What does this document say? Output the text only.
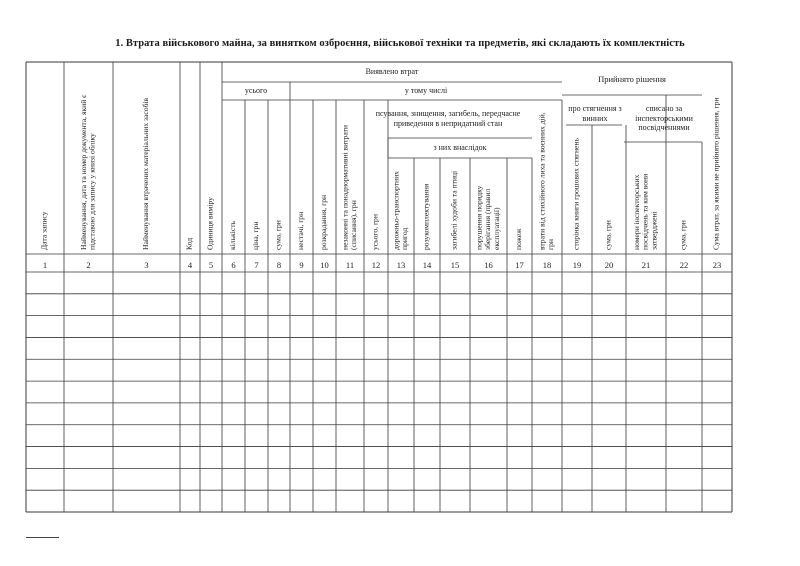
1. Втрата військового майна, за винятком озброєння, військової техніки та предметів, які складають їх комплектність
Виявлено втрат
Прийнято рішення
усього	у тому числі
псування, знищення, загибель, передчасне приведення в непридатний стан
з них внаслідок
про стягнення з винних
списано за інспекторськими посвідченнями
Дата запису	Найменування, дата та номер документа, який є підставою для запису у книзі обліку	Найменування втрачених матеріальних засобів	Код	Одиниця виміру	кількість	ціна, грн	сума, грн	нестачі, грн	розкрадання, грн	незаконні та понаднормативні витрати (списання), грн	усього, грн	дорожньо-транспортних пригод	розукомплектування	загибелі худоби та птиці	порушення порядку зберігання (правил експлуатації)	пожеж	втрати від стихійного лиха та воєнних дій, грн	сторінка книги грошових стягнень	сума, грн	номери інспекторських посвідчень та ким вони затверджені	сума, грн	Сума втрат, за якими не прийнято рішення, грн
1	2	3	4	5	6	7	8	9	10	11	12	13	14	15	16	17	18	19	20	21	22	23
